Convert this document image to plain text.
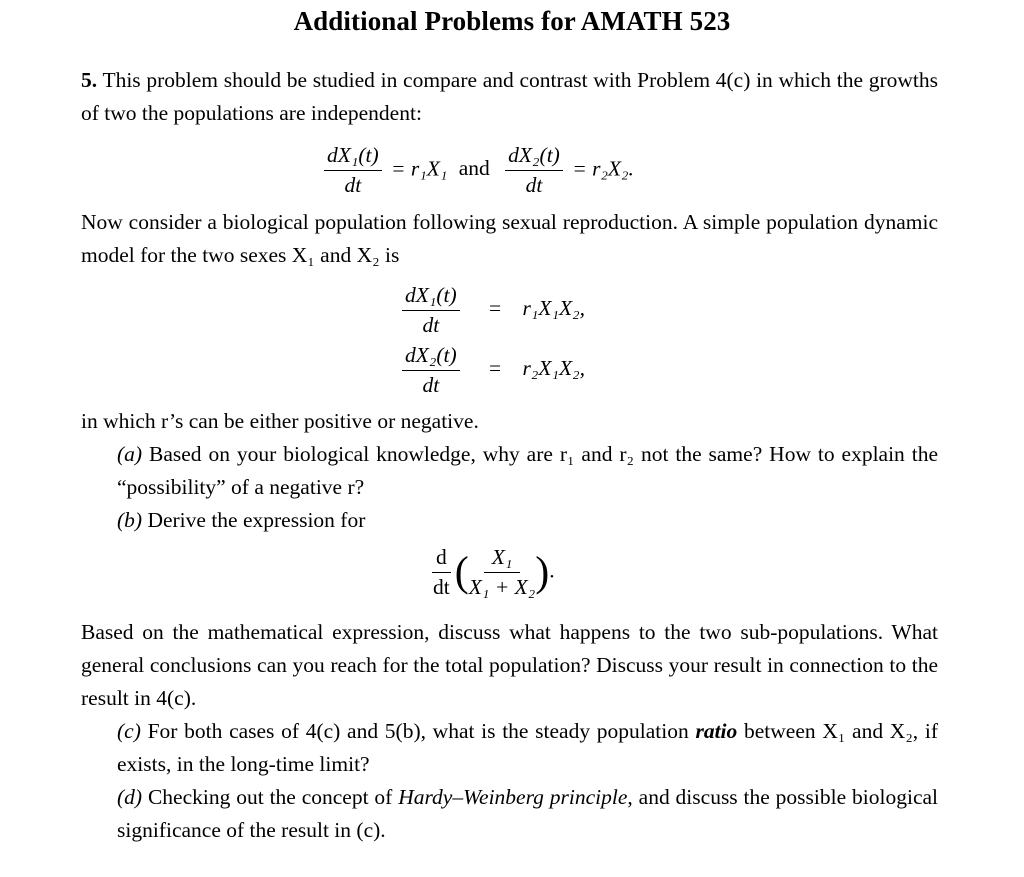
Additional Problems for AMATH 523
5. This problem should be studied in compare and contrast with Problem 4(c) in which the growths of two the populations are independent:
$\frac{\text{dX₁(t)}}{dt} = r_1X_1$ and $\frac{\text{dX₂(t)}}{dt} = r_2X_2$.
Now consider a biological population following sexual reproduction. A simple population dynamic model for the two sexes X₁ and X₂ is
$\frac{\text{dX₁(t)}}{dt} = r_1X_1X_2$,
$\frac{\text{dX₂(t)}}{dt} = r_2X_1X_2$,
in which r’s can be either positive or negative.
(a) Based on your biological knowledge, why are r₁ and r₂ not the same? How to explain the “possibility” of a negative r?
(b) Derive the expression for
$\frac{d}{dt}$ ( $\frac{\text{X₁}}{\text{X₁ + X₂}}$ ).
Based on the mathematical expression, discuss what happens to the two sub-populations. What general conclusions can you reach for the total population? Discuss your result in connection to the result in 4(c).
(c) For both cases of 4(c) and 5(b), what is the steady population ratio between X₁ and X₂, if exists, in the long-time limit?
(d) Checking out the concept of Hardy–Weinberg principle, and discuss the possible biological significance of the result in (c).
